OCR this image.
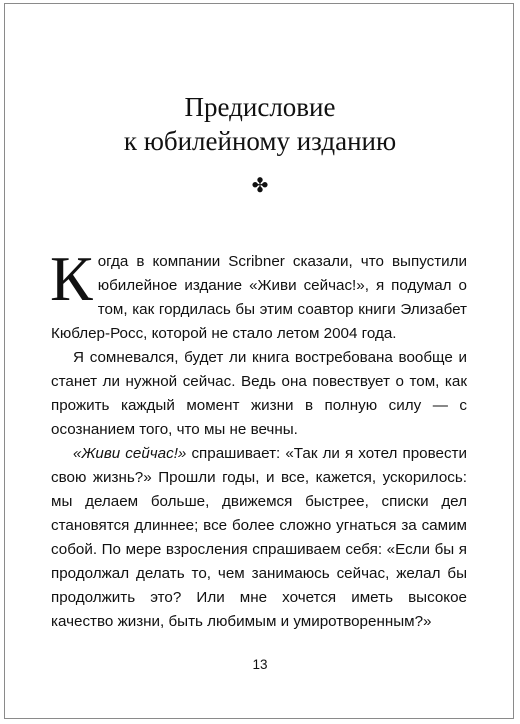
Предисловие
к юбилейному изданию
✤

Когда в компании Scribner сказали, что выпустили юбилейное издание «Живи сейчас!», я подумал о том, как гордилась бы этим соавтор книги Элизабет Кюблер-Росс, которой не стало летом 2004 года.

Я сомневался, будет ли книга востребована вообще и станет ли нужной сейчас. Ведь она повествует о том, как прожить каждый момент жизни в полную силу — с осознанием того, что мы не вечны.

«Живи сейчас!» спрашивает: «Так ли я хотел провести свою жизнь?» Прошли годы, и все, кажется, ускорилось: мы делаем больше, движемся быстрее, списки дел становятся длиннее; все более сложно угнаться за самим собой. По мере взросления спрашиваем себя: «Если бы я продолжал делать то, чем занимаюсь сейчас, желал бы продолжить это? Или мне хочется иметь высокое качество жизни, быть любимым и умиротворенным?»

13
